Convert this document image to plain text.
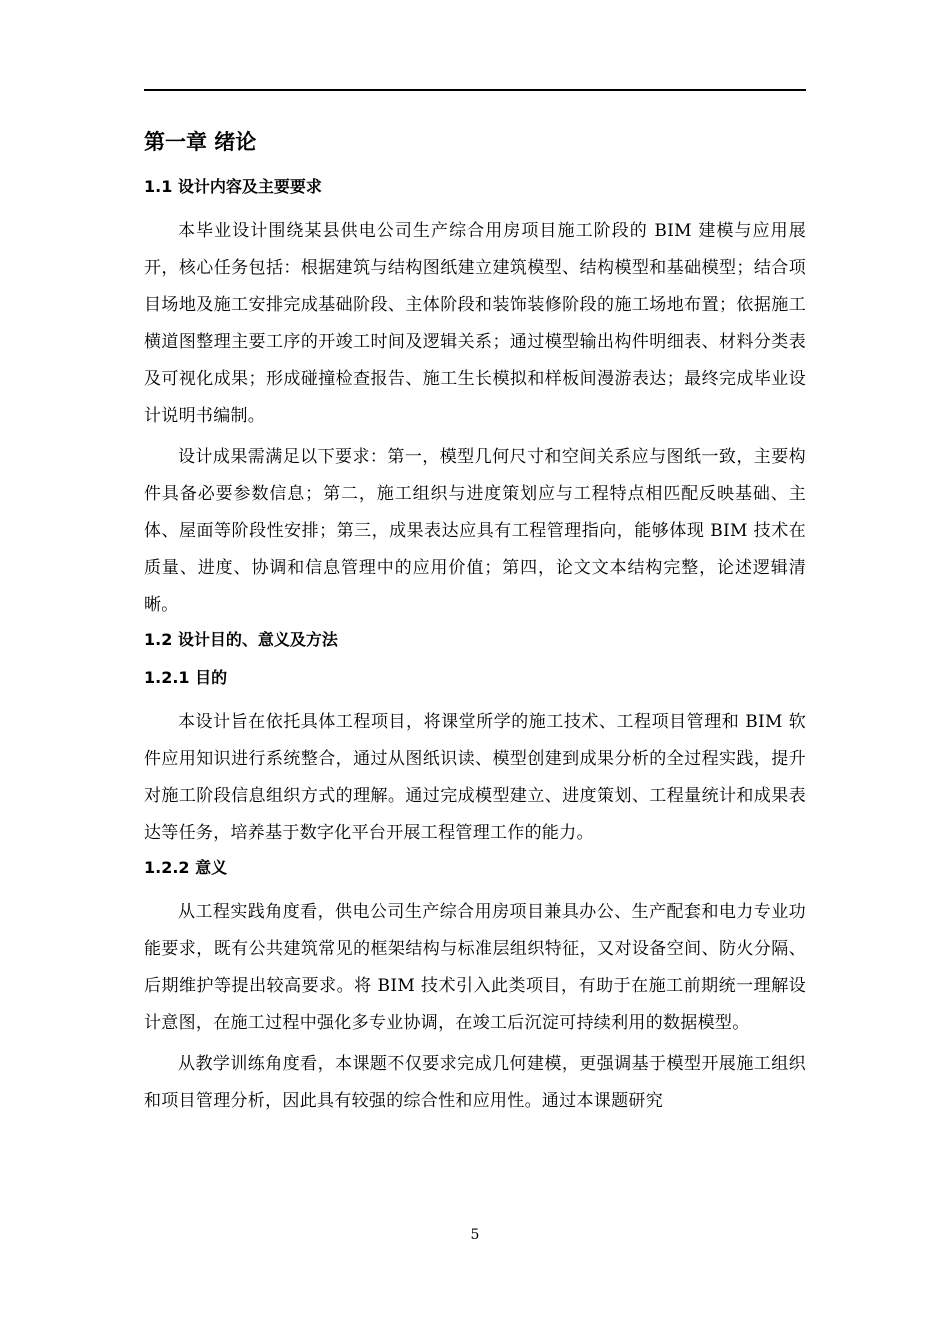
第一章 绪论
1.1 设计内容及主要要求

本毕业设计围绕某县供电公司生产综合用房项目施工阶段的 BIM 建模与应用展开，核心任务包括：根据建筑与结构图纸建立建筑模型、结构模型和基础模型；结合项目场地及施工安排完成基础阶段、主体阶段和装饰装修阶段的施工场地布置；依据施工横道图整理主要工序的开竣工时间及逻辑关系；通过模型输出构件明细表、材料分类表及可视化成果；形成碰撞检查报告、施工生长模拟和样板间漫游表达；最终完成毕业设计说明书编制。

设计成果需满足以下要求：第一，模型几何尺寸和空间关系应与图纸一致，主要构件具备必要参数信息；第二，施工组织与进度策划应与工程特点相匹配反映基础、主体、屋面等阶段性安排；第三，成果表达应具有工程管理指向，能够体现 BIM 技术在质量、进度、协调和信息管理中的应用价值；第四，论文文本结构完整，论述逻辑清晰。

1.2 设计目的、意义及方法
1.2.1 目的

本设计旨在依托具体工程项目，将课堂所学的施工技术、工程项目管理和 BIM 软件应用知识进行系统整合，通过从图纸识读、模型创建到成果分析的全过程实践，提升对施工阶段信息组织方式的理解。通过完成模型建立、进度策划、工程量统计和成果表达等任务，培养基于数字化平台开展工程管理工作的能力。

1.2.2 意义

从工程实践角度看，供电公司生产综合用房项目兼具办公、生产配套和电力专业功能要求，既有公共建筑常见的框架结构与标准层组织特征，又对设备空间、防火分隔、后期维护等提出较高要求。将 BIM 技术引入此类项目，有助于在施工前期统一理解设计意图，在施工过程中强化多专业协调，在竣工后沉淀可持续利用的数据模型。

从教学训练角度看，本课题不仅要求完成几何建模，更强调基于模型开展施工组织和项目管理分析，因此具有较强的综合性和应用性。通过本课题研究

5
